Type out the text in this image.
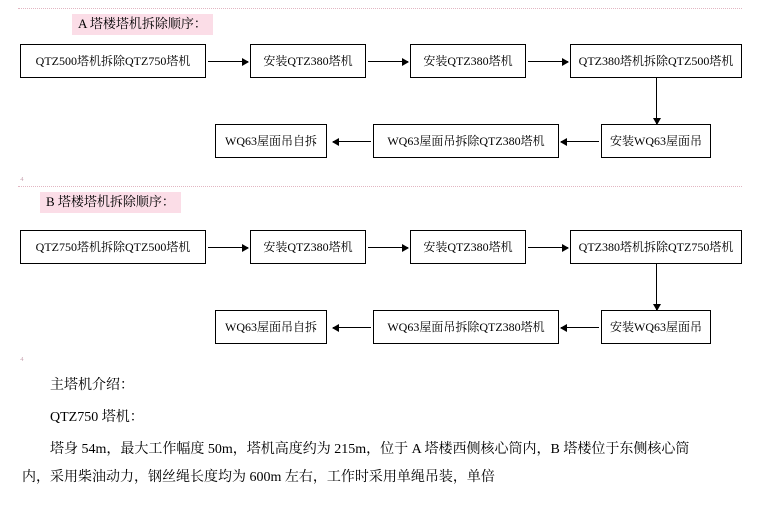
A 塔楼塔机拆除顺序：
QTZ500塔机拆除QTZ750塔机	安装QTZ380塔机	安装QTZ380塔机	QTZ380塔机拆除QTZ500塔机
WQ63屋面吊自拆	WQ63屋面吊拆除QTZ380塔机	安装WQ63屋面吊
B 塔楼塔机拆除顺序：
QTZ750塔机拆除QTZ500塔机	安装QTZ380塔机	安装QTZ380塔机	QTZ380塔机拆除QTZ750塔机
WQ63屋面吊自拆	WQ63屋面吊拆除QTZ380塔机	安装WQ63屋面吊
₄
₄
主塔机介绍：
QTZ750 塔机：
塔身 54m，最大工作幅度 50m，塔机高度约为 215m，位于 A 塔楼西侧核心筒内，B 塔楼位于东侧核心筒内，采用柴油动力，钢丝绳长度均为 600m 左右，工作时采用单绳吊装，单倍
